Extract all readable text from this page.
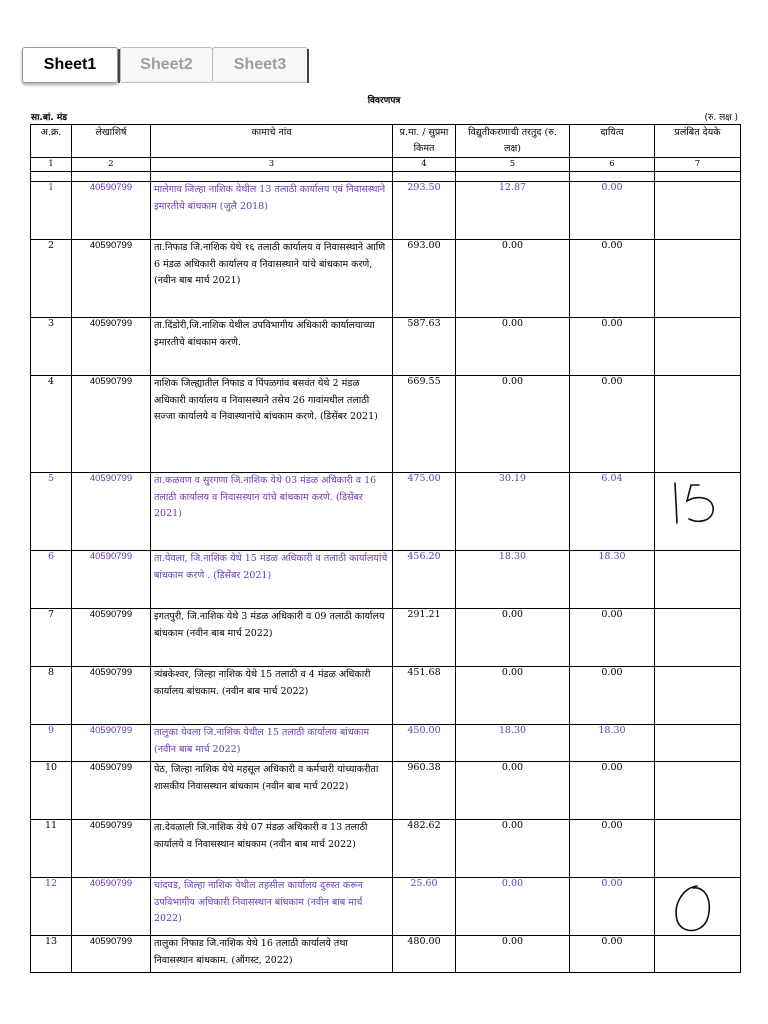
Sheet1	Sheet2	Sheet3
विवरणपत्र
सा.बां. मंड	(रु. लक्ष )
अ.क्र.	लेखाशिर्ष	कामाचे नांव	प्र.मा. / सुप्रमा किमत	विद्युतीकरणाची तरतुद (रु. लक्ष)	दायित्व	प्रलंबित देयके
1	2	3	4	5	6	7

1	40590799	मालेगाव जिल्हा नाशिक येथील 13 तलाठी कार्यालय एवं निवासस्थाने इमारतीचे बांधकाम (जुलै 2018)	293.50	12.87	0.00	
2	40590799	ता.निफाड जि.नाशिक येथे १६ तलाठी कार्यालय व निवासस्थाने आणि 6 मंडळ अधिकारी कार्यालय व निवासस्थाने यांचे बांधकाम करणे, (नवीन बाब मार्च 2021)	693.00	0.00	0.00	
3	40590799	ता.दिंडोरी,जि.नाशिक येथील उपविभागीय अधिकारी कार्यालयाच्या इमारतीचे बांधकाम करणे.	587.63	0.00	0.00	
4	40590799	नाशिक जिल्ह्यातील निफाड व पिंपळगांव बसवंत येथे 2 मंडळ अधिकारी कार्यालय व निवासस्थाने तसेच 26 गावांमधील तलाठी सज्जा कार्यालये व निवास्थानांचे बांधकाम करणे. (डिसेंबर 2021)	669.55	0.00	0.00	
5	40590799	ता.कळवण व सुरगणा जि.नाशिक येथे 03 मंडळ अधिकारी व 16 तलाठी कार्यालय व निवासस्थान यांचे बांधकाम करणे. (डिसेंबर 2021)	475.00	30.19	6.04	

6	40590799	ता.येवला, जि.नाशिक येथे 15 मंडळ अधिकारी व तलाठी कार्यालयांचे बांधकाम करणे . (डिसेंबर 2021)	456.20	18.30	18.30	
7	40590799	इगतपुरी, जि.नाशिक येथे 3 मंडळ अधिकारी व 09 तलाठी कार्यालय बांधकाम (नवीन बाब मार्च 2022)	291.21	0.00	0.00	
8	40590799	त्र्यंबकेश्वर, जिल्हा नाशिक येथे 15 तलाठी व 4 मंडळ अधिकारी कार्यालय बांधकाम. (नवीन बाब मार्च 2022)	451.68	0.00	0.00	
9	40590799	तालुका येवला जि.नाशिक येथील 15 तलाठी कार्यालय बांधकाम (नवीन बाब मार्च 2022)	450.00	18.30	18.30	
10	40590799	पेठ, जिल्हा नाशिक येथे महसूल अधिकारी व कर्मचारी यांच्याकरीता शासकीय निवासस्थान बांधकाम (नवीन बाब मार्च 2022)	960.38	0.00	0.00	
11	40590799	ता.देवळाली जि.नाशिक येथे 07 मंडळ अधिकारी व 13 तलाठी कार्यालये व निवासस्थान बांधकाम (नवीन बाब मार्च 2022)	482.62	0.00	0.00	
12	40590799	चांदवड, जिल्हा नाशिक येथील तहसील कार्यालय दुरुस्त करून उपविभागीय अधिकारी निवासस्थान बांधकाम (नवीन बाब मार्च 2022)	25.60	0.00	0.00	

13	40590799	तालुका निफाड जि.नाशिक येथे 16 तलाठी कार्यालये तथा निवासस्थान बांधकाम. (ऑगस्ट, 2022)	480.00	0.00	0.00	
